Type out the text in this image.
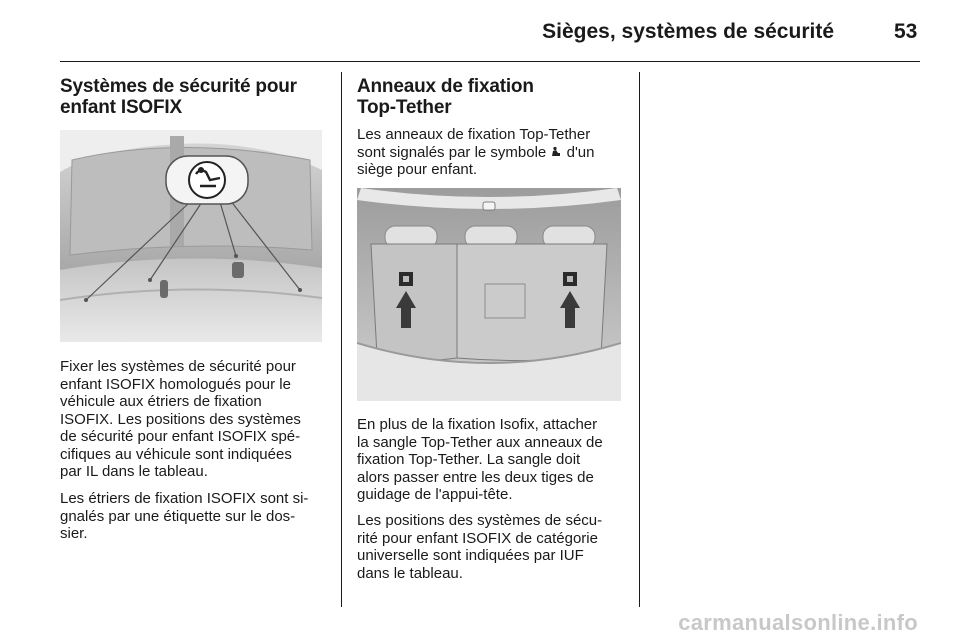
Sièges, systèmes de sécurité	53
Systèmes de sécurité pour
enfant ISOFIX

Fixer les systèmes de sécurité pour
enfant ISOFIX homologués pour le
véhicule aux étriers de fixation
ISOFIX. Les positions des systèmes
de sécurité pour enfant ISOFIX spé-
cifiques au véhicule sont indiquées
par IL dans le tableau.

Les étriers de fixation ISOFIX sont si-
gnalés par une étiquette sur le dos-
sier.

Anneaux de fixation
Top-Tether

Les anneaux de fixation Top-Tether
sont signalés par le symbole  d'un
siège pour enfant.

En plus de la fixation Isofix, attacher
la sangle Top-Tether aux anneaux de
fixation Top-Tether. La sangle doit
alors passer entre les deux tiges de
guidage de l'appui-tête.

Les positions des systèmes de sécu-
rité pour enfant ISOFIX de catégorie
universelle sont indiquées par IUF
dans le tableau.

carmanualsonline.info
